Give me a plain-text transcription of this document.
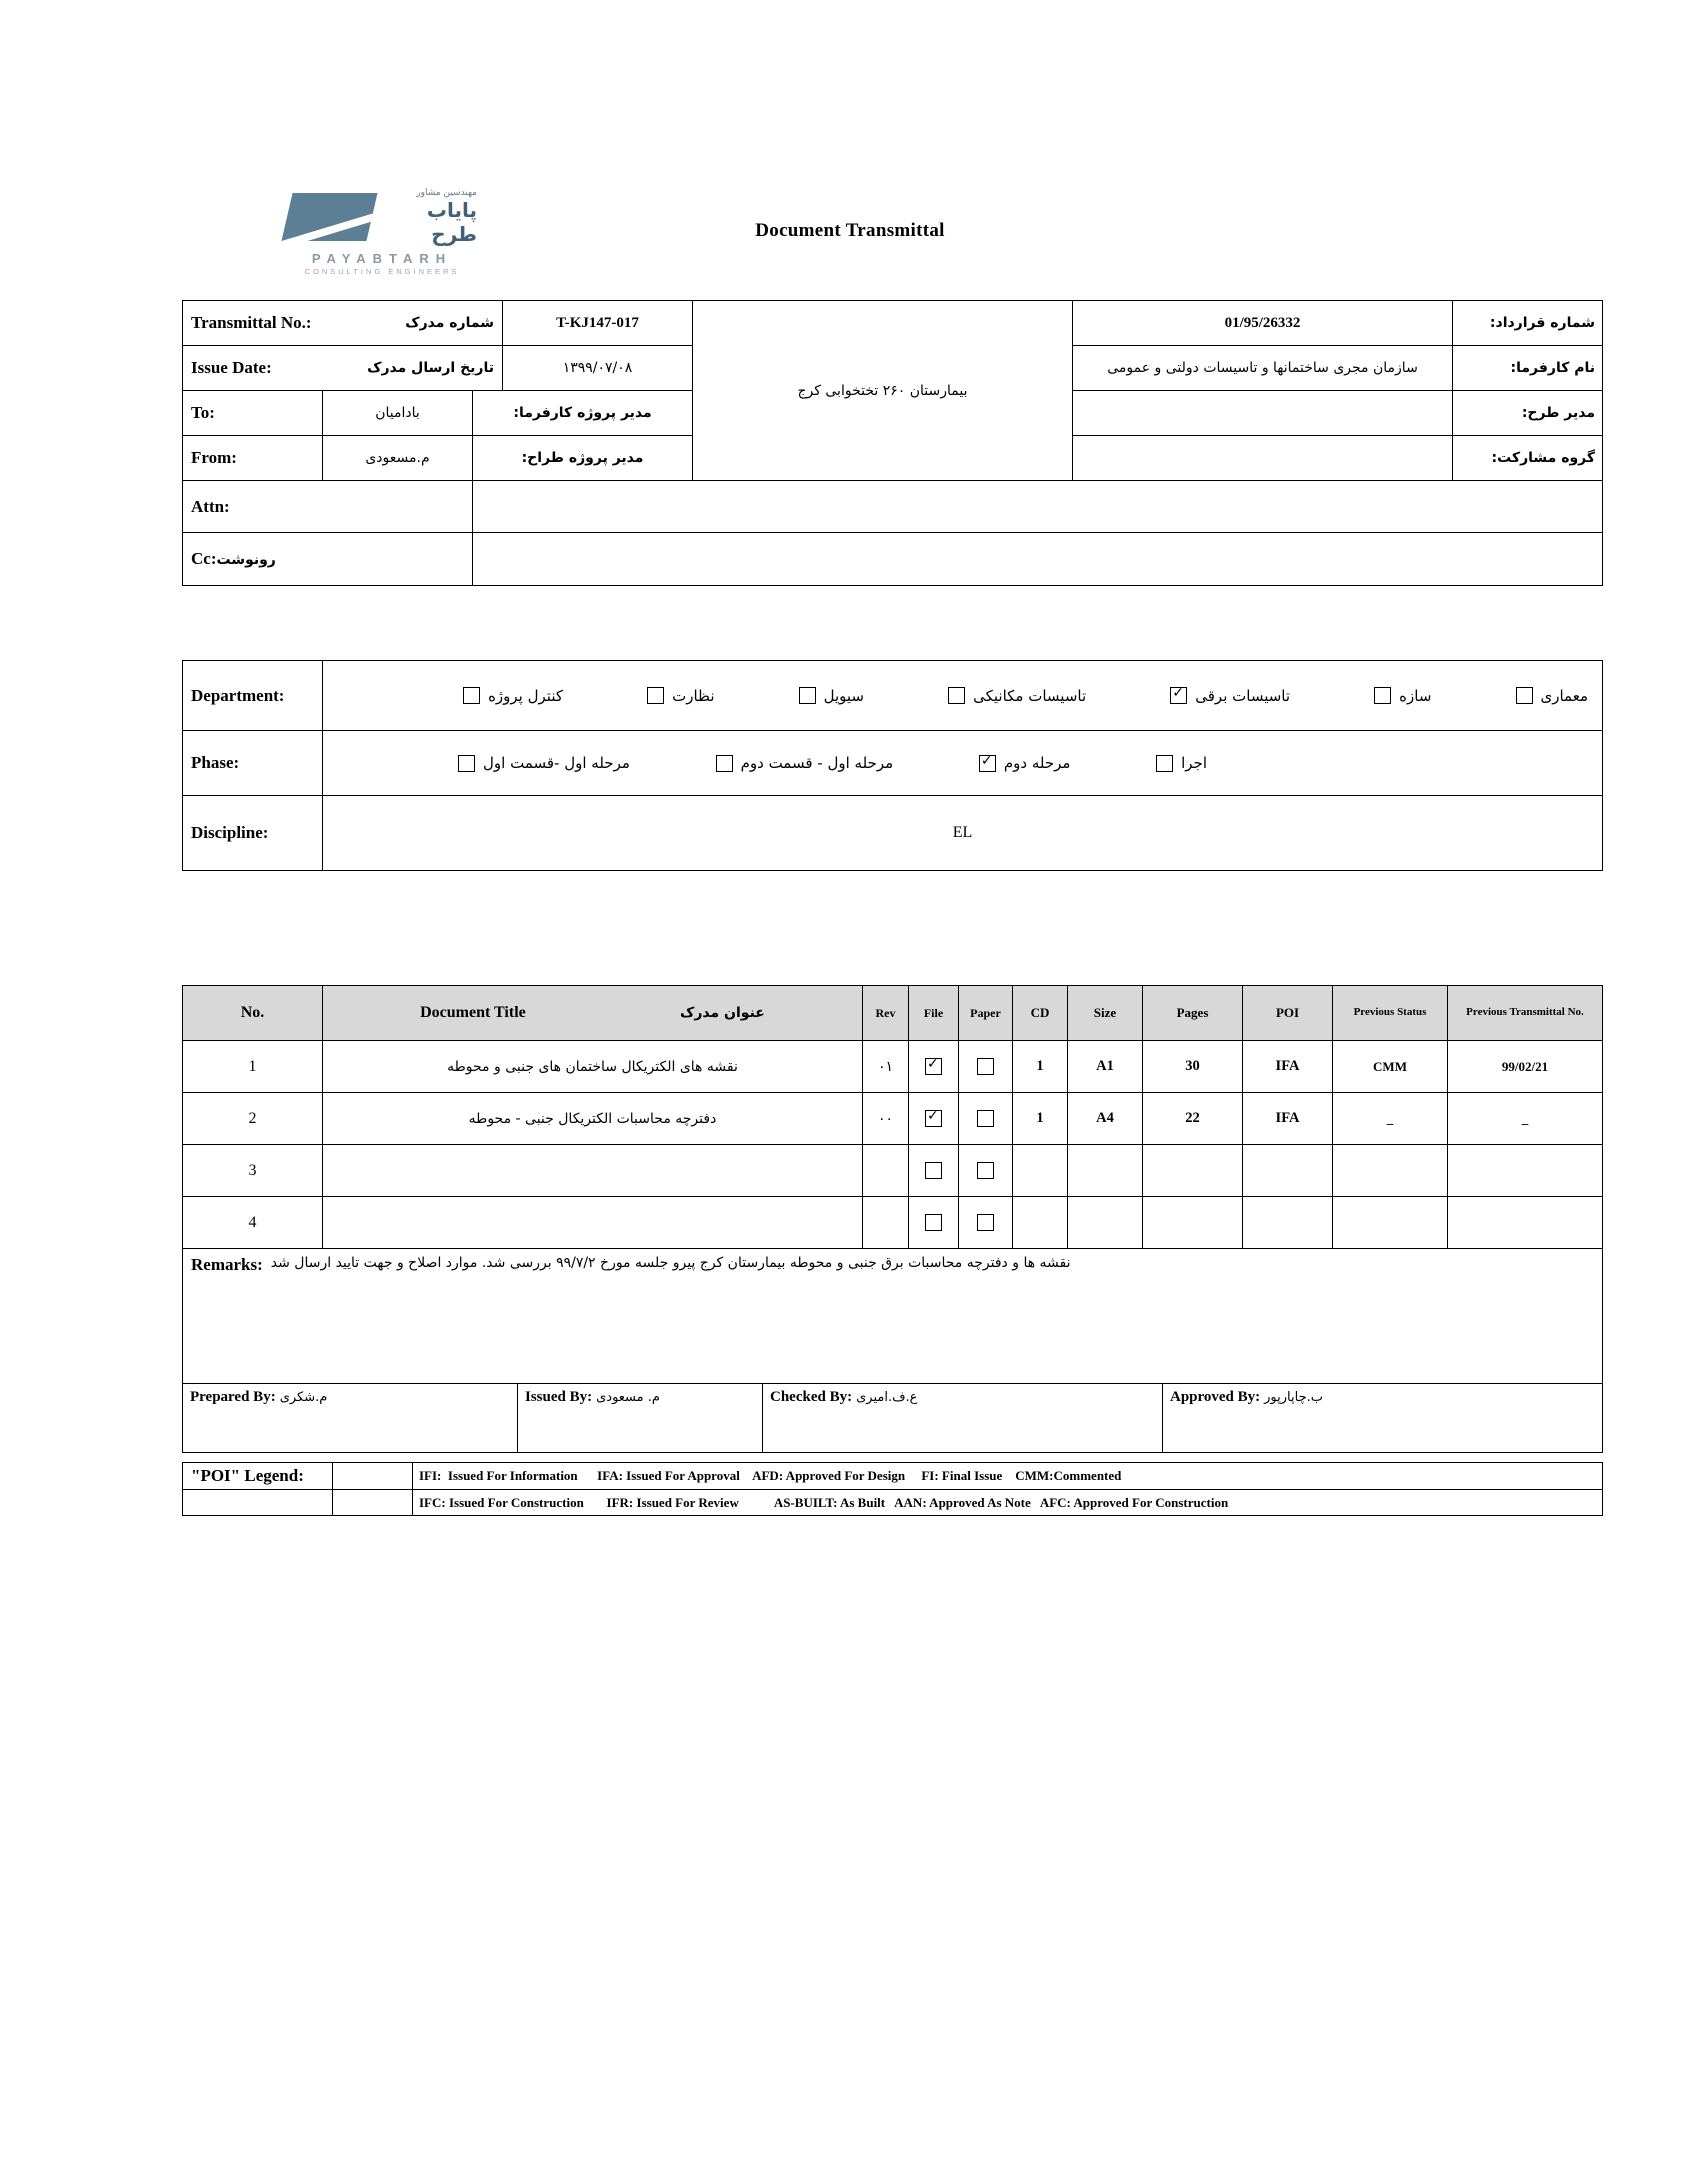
مهندسین مشاور
پایاب طرح
PAYABTARH
CONSULTING ENGINEERS
Document Transmittal
Transmittal No.: شماره مدرک			T-KJ147-017	بیمارستان ۲۶۰ تختخوابی کرج	01/95/26332	شماره قرارداد:

Issue Date: تاریخ ارسال مدرک			۱۳۹۹/۰۷/۰۸		سازمان مجری ساختمانها و تاسیسات دولتی و عمومی	نام کارفرما:
To:	بادامیان	مدیر پروژه کارفرما:				مدیر طرح:
From:	م.مسعودی	مدیر پروژه طراح:				گروه مشارکت:
Attn:						
Cc:رونوشت						
Department:	معماری
سازه
تاسیسات برقی
✓
تاسیسات مکانیکی
سیویل
نظارت
کنترل پروژه

Phase:	اجرا
مرحله دوم
✓
مرحله اول - قسمت دوم
مرحله اول -قسمت اول

Discipline:	EL
No.	Document Title عنوان مدرک	Rev	File	Paper	CD	Size	Pages	POI	Previous Status	Previous Transmittal No.
1	نقشه های الکتریکال ساختمان های جنبی و محوطه	۰۱	✓		1	A1	30	IFA	CMM	99/02/21
2	دفترچه محاسبات الکتریکال جنبی - محوطه	۰۰	✓		1	A4	22	IFA	_	_
3										
4										

Remarks: نقشه ها و دفترچه محاسبات برق جنبی و محوطه بیمارستان کرج پیرو جلسه مورخ ۹۹/۷/۲ بررسی شد. موارد اصلاح و جهت تایید ارسال شد										
Prepared By: م.شکری	Issued By: م. مسعودی	Checked By: ع.ف.امیری	Approved By: ب.چاپارپور
"POI" Legend:		IFI:  Issued For Information      IFA: Issued For Approval    AFD: Approved For Design     FI: Final Issue    CMM:Commented
		IFC: Issued For Construction       IFR: Issued For Review           AS-BUILT: As Built   AAN: Approved As Note   AFC: Approved For Construction
